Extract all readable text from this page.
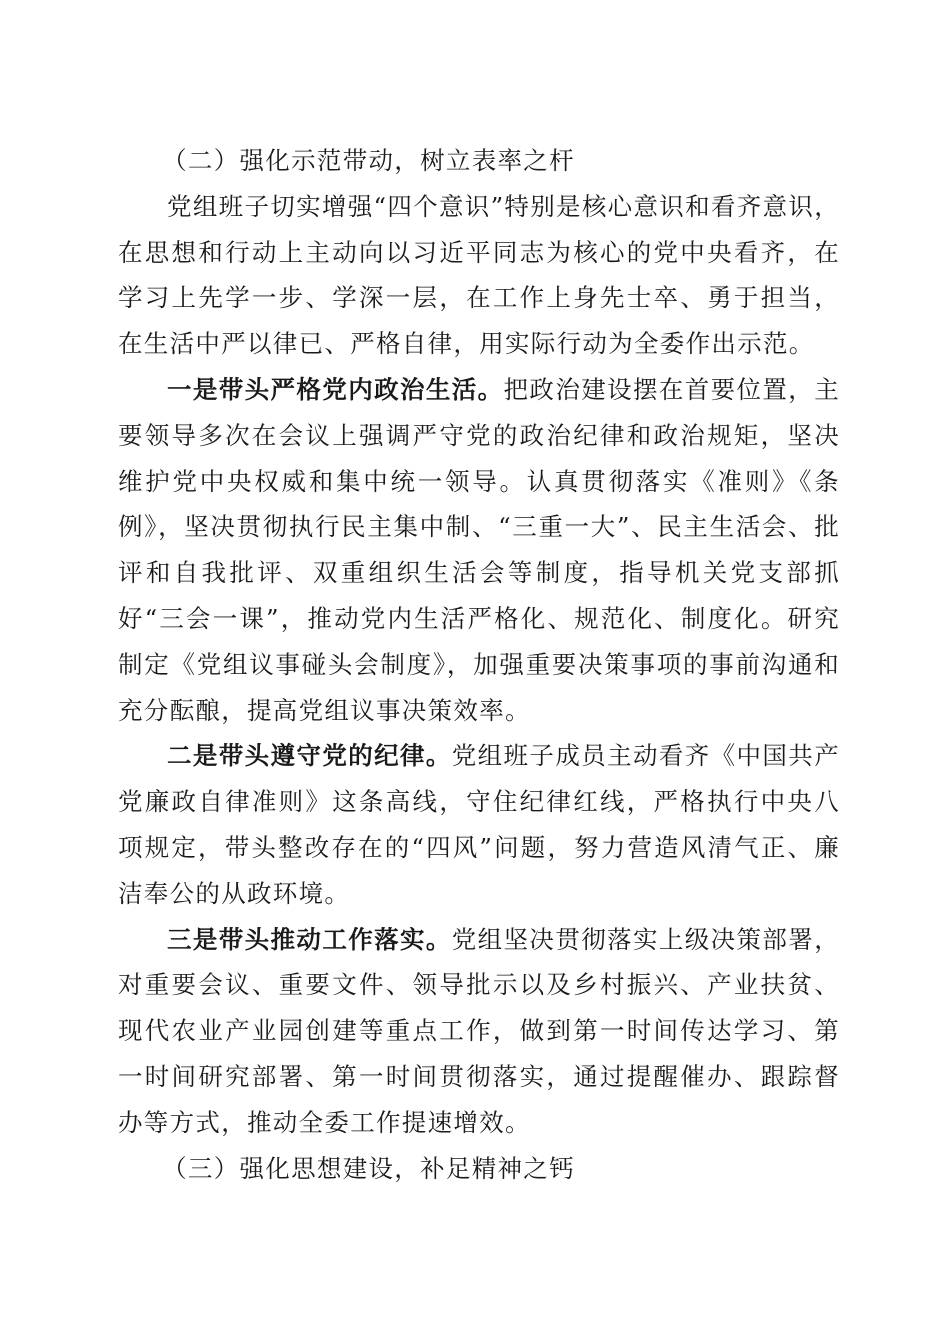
（二）强化示范带动，树立表率之杆

党组班子切实增强“四个意识”特别是核心意识和看齐意识，在思想和行动上主动向以习近平同志为核心的党中央看齐，在学习上先学一步、学深一层，在工作上身先士卒、勇于担当，在生活中严以律已、严格自律，用实际行动为全委作出示范。

一是带头严格党内政治生活。把政治建设摆在首要位置，主要领导多次在会议上强调严守党的政治纪律和政治规矩，坚决维护党中央权威和集中统一领导。认真贯彻落实《准则》《条例》，坚决贯彻执行民主集中制、“三重一大”、民主生活会、批评和自我批评、双重组织生活会等制度，指导机关党支部抓好“三会一课”，推动党内生活严格化、规范化、制度化。研究制定《党组议事碰头会制度》，加强重要决策事项的事前沟通和充分酝酿，提高党组议事决策效率。

二是带头遵守党的纪律。党组班子成员主动看齐《中国共产党廉政自律准则》这条高线，守住纪律红线，严格执行中央八项规定，带头整改存在的“四风”问题，努力营造风清气正、廉洁奉公的从政环境。

三是带头推动工作落实。党组坚决贯彻落实上级决策部署，对重要会议、重要文件、领导批示以及乡村振兴、产业扶贫、现代农业产业园创建等重点工作，做到第一时间传达学习、第一时间研究部署、第一时间贯彻落实，通过提醒催办、跟踪督办等方式，推动全委工作提速增效。

（三）强化思想建设，补足精神之钙
